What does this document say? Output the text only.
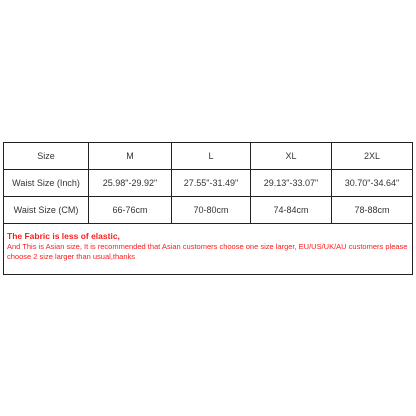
Size	M	L	XL	2XL
Waist Size (Inch)	25.98"-29.92"	27.55"-31.49"	29.13"-33.07"	30.70"-34.64"
Waist Size (CM)	66-76cm	70-80cm	74-84cm	78-88cm

The Fabric is less of elastic,
And This is Asian size, It is recommended that Asian customers choose one size larger, EU/US/UK/AU customers please choose 2 size larger than usual,thanks				
